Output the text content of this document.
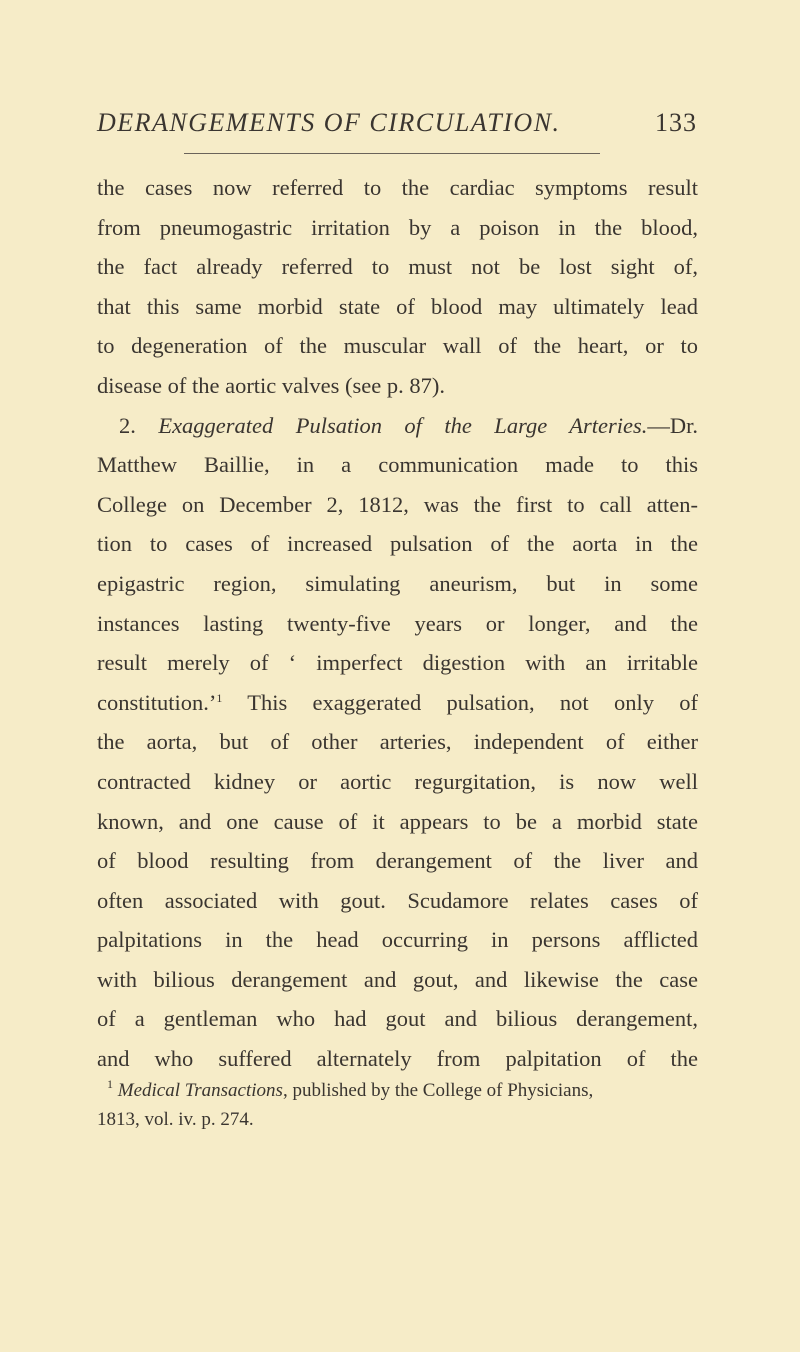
DERANGEMENTS OF CIRCULATION.	133
the cases now referred to the cardiac symptoms result
from pneumogastric irritation by a poison in the blood,
the fact already referred to must not be lost sight of,
that this same morbid state of blood may ultimately lead
to degeneration of the muscular wall of the heart, or to
disease of the aortic valves (see p. 87).
2. Exaggerated Pulsation of the Large Arteries.—Dr.
Matthew Baillie, in a communication made to this
College on December 2, 1812, was the first to call atten-
tion to cases of increased pulsation of the aorta in the
epigastric region, simulating aneurism, but in some
instances lasting twenty-five years or longer, and the
result merely of ‘ imperfect digestion with an irritable
constitution.’$^1$ This exaggerated pulsation, not only of
the aorta, but of other arteries, independent of either
contracted kidney or aortic regurgitation, is now well
known, and one cause of it appears to be a morbid state
of blood resulting from derangement of the liver and
often associated with gout. Scudamore relates cases of
palpitations in the head occurring in persons afflicted
with bilious derangement and gout, and likewise the case
of a gentleman who had gout and bilious derangement,
and who suffered alternately from palpitation of the
$^1$ Medical Transactions, published by the College of Physicians,
1813, vol. iv. p. 274.
